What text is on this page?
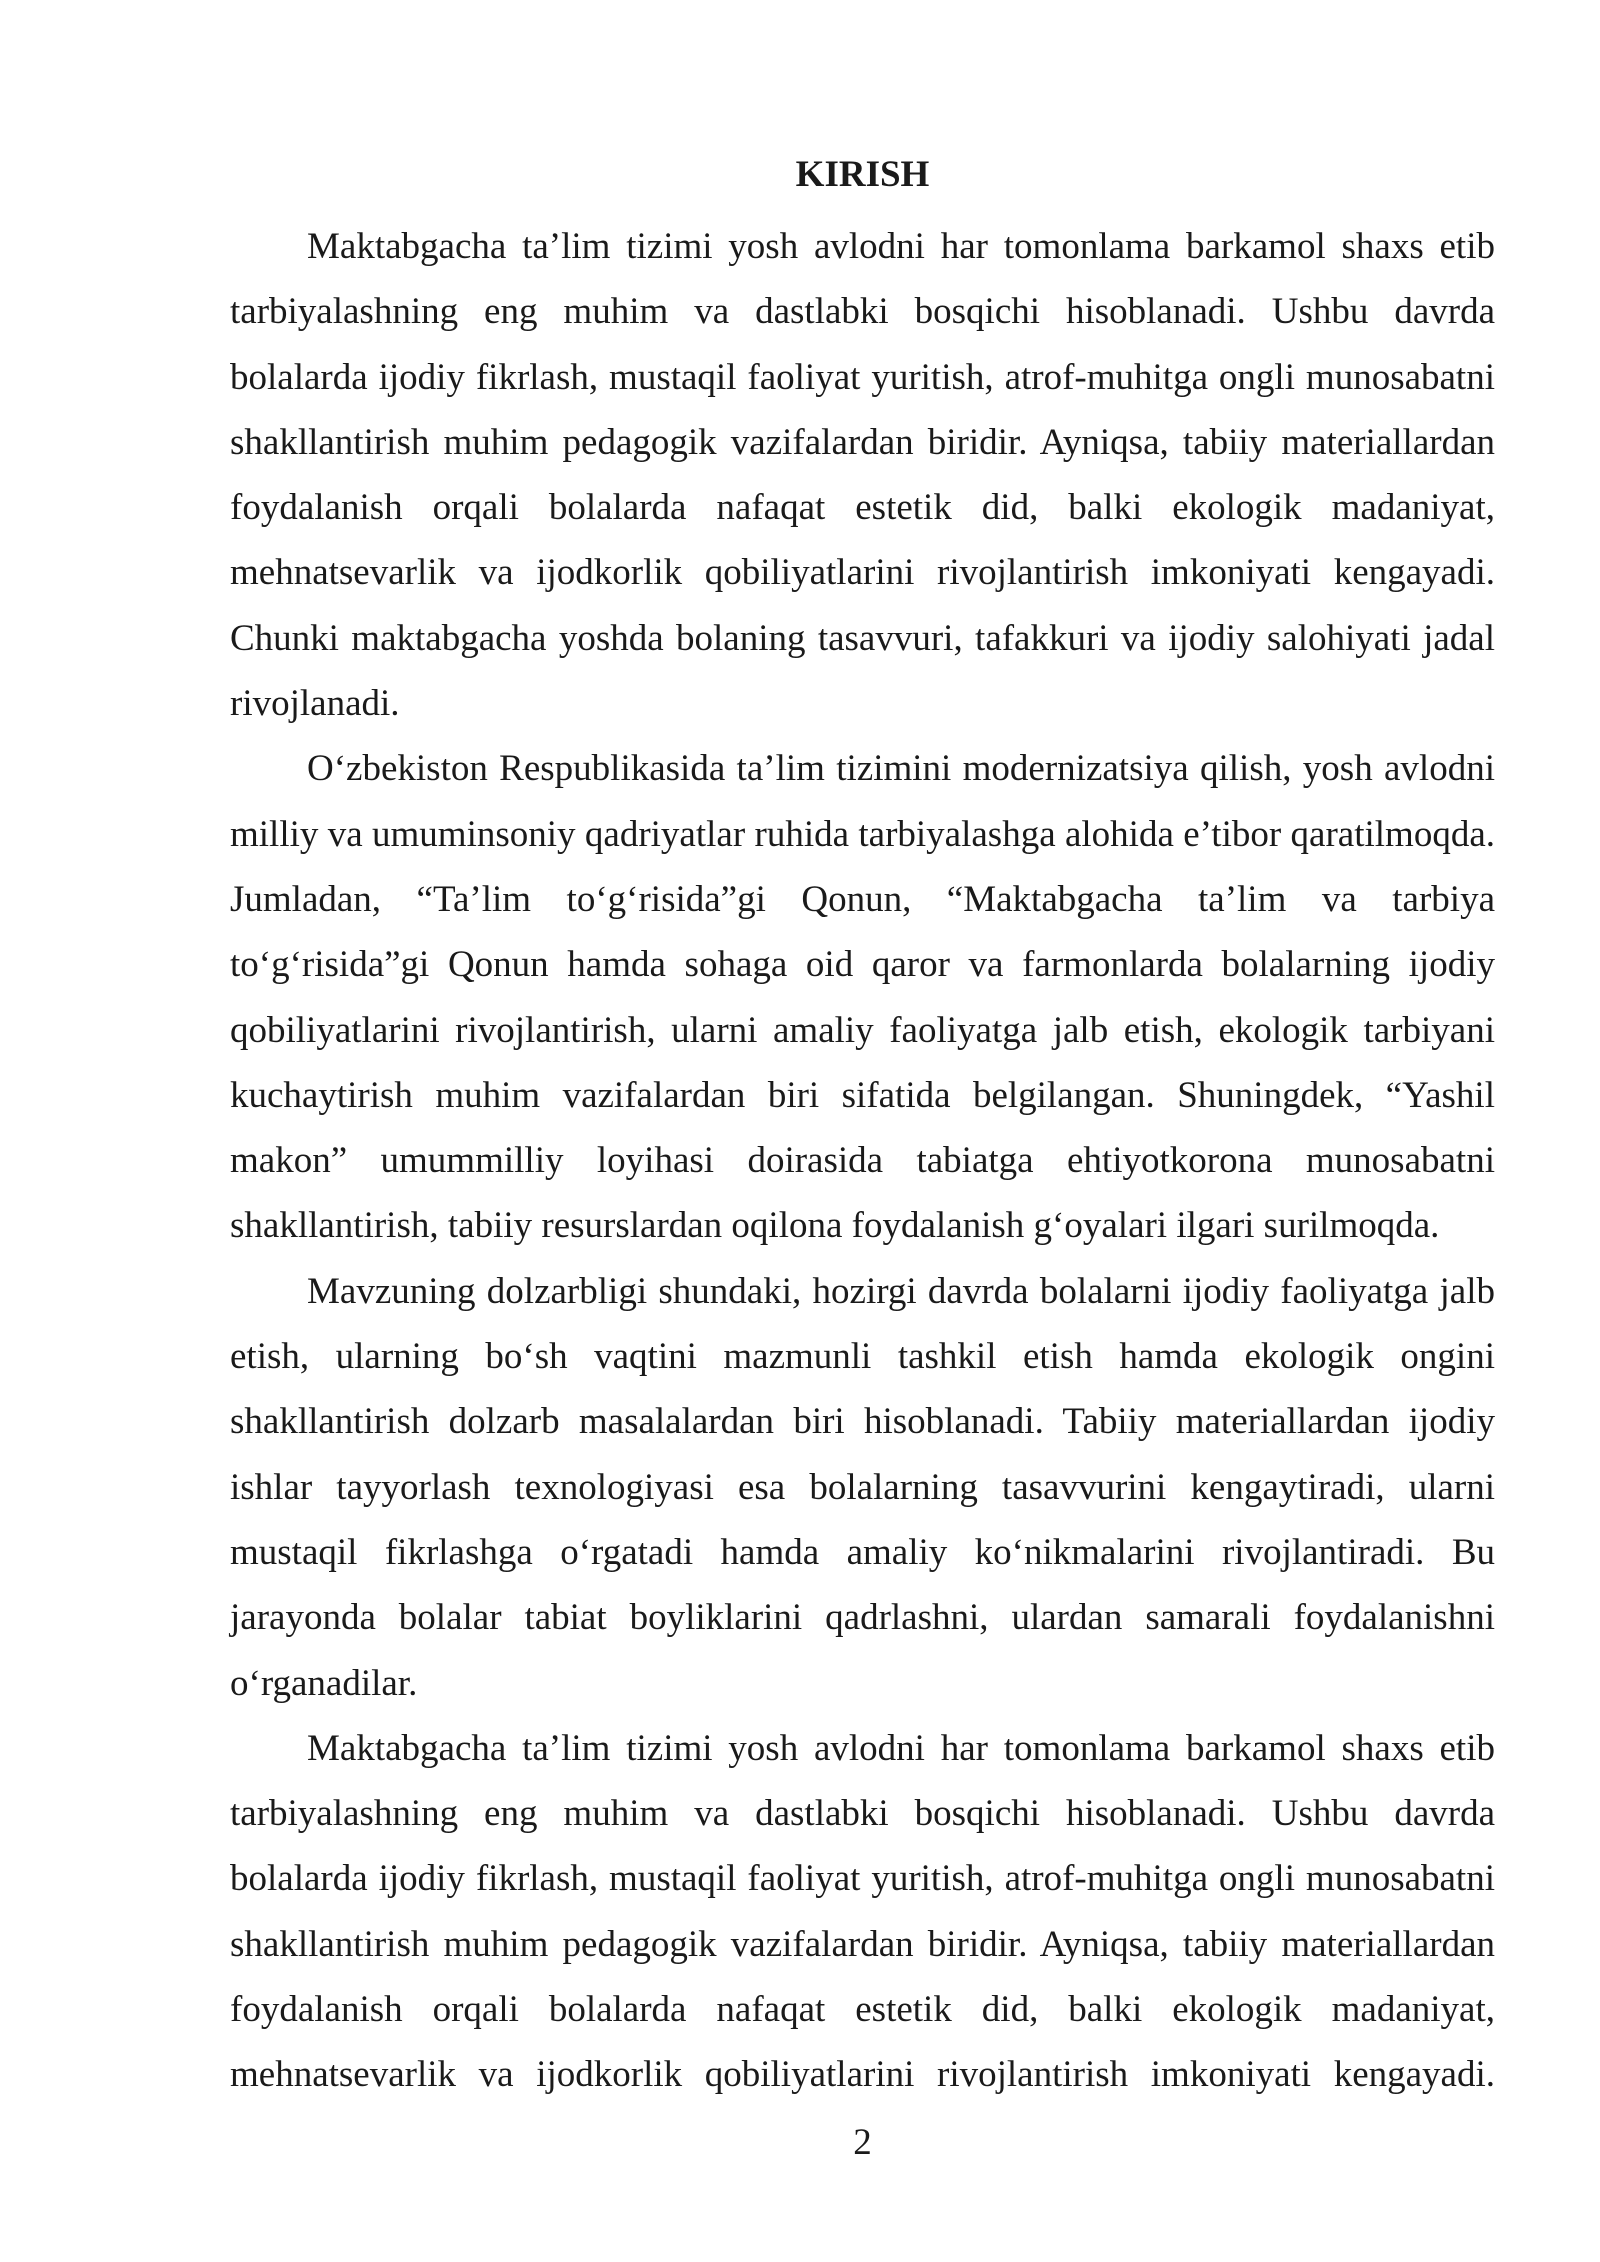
KIRISH

Maktabgacha ta’lim tizimi yosh avlodni har tomonlama barkamol shaxs etib tarbiyalashning eng muhim va dastlabki bosqichi hisoblanadi. Ushbu davrda bolalarda ijodiy fikrlash, mustaqil faoliyat yuritish, atrof-muhitga ongli munosabatni shakllantirish muhim pedagogik vazifalardan biridir. Ayniqsa, tabiiy materiallardan foydalanish orqali bolalarda nafaqat estetik did, balki ekologik madaniyat, mehnatsevarlik va ijodkorlik qobiliyatlarini rivojlantirish imkoniyati kengayadi. Chunki maktabgacha yoshda bolaning tasavvuri, tafakkuri va ijodiy salohiyati jadal rivojlanadi.

O‘zbekiston Respublikasida ta’lim tizimini modernizatsiya qilish, yosh avlodni milliy va umuminsoniy qadriyatlar ruhida tarbiyalashga alohida e’tibor qaratilmoqda. Jumladan, “Ta’lim to‘g‘risida”gi Qonun, “Maktabgacha ta’lim va tarbiya to‘g‘risida”gi Qonun hamda sohaga oid qaror va farmonlarda bolalarning ijodiy qobiliyatlarini rivojlantirish, ularni amaliy faoliyatga jalb etish, ekologik tarbiyani kuchaytirish muhim vazifalardan biri sifatida belgilangan. Shuningdek, “Yashil makon” umummilliy loyihasi doirasida tabiatga ehtiyotkorona munosabatni shakllantirish, tabiiy resurslardan oqilona foydalanish g‘oyalari ilgari surilmoqda.

Mavzuning dolzarbligi shundaki, hozirgi davrda bolalarni ijodiy faoliyatga jalb etish, ularning bo‘sh vaqtini mazmunli tashkil etish hamda ekologik ongini shakllantirish dolzarb masalalardan biri hisoblanadi. Tabiiy materiallardan ijodiy ishlar tayyorlash texnologiyasi esa bolalarning tasavvurini kengaytiradi, ularni mustaqil fikrlashga o‘rgatadi hamda amaliy ko‘nikmalarini rivojlantiradi. Bu jarayonda bolalar tabiat boyliklarini qadrlashni, ulardan samarali foydalanishni o‘rganadilar.

Maktabgacha ta’lim tizimi yosh avlodni har tomonlama barkamol shaxs etib tarbiyalashning eng muhim va dastlabki bosqichi hisoblanadi. Ushbu davrda bolalarda ijodiy fikrlash, mustaqil faoliyat yuritish, atrof-muhitga ongli munosabatni shakllantirish muhim pedagogik vazifalardan biridir. Ayniqsa, tabiiy materiallardan foydalanish orqali bolalarda nafaqat estetik did, balki ekologik madaniyat, mehnatsevarlik va ijodkorlik qobiliyatlarini rivojlantirish imkoniyati kengayadi.

2
